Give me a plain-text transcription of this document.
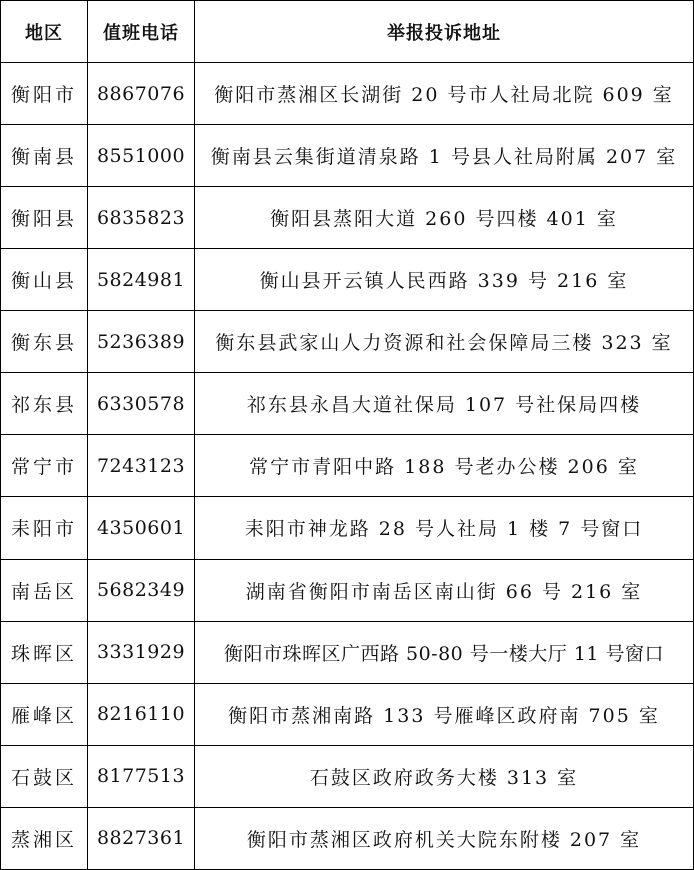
地区	值班电话	举报投诉地址
衡阳市	8867076	衡阳市蒸湘区长湖街 20 号市人社局北院 609 室
衡南县	8551000	衡南县云集街道清泉路 1 号县人社局附属 207 室
衡阳县	6835823	衡阳县蒸阳大道 260 号四楼 401 室
衡山县	5824981	衡山县开云镇人民西路 339 号 216 室
衡东县	5236389	衡东县武家山人力资源和社会保障局三楼 323 室
祁东县	6330578	祁东县永昌大道社保局 107 号社保局四楼
常宁市	7243123	常宁市青阳中路 188 号老办公楼 206 室
耒阳市	4350601	耒阳市神龙路 28 号人社局 1 楼 7 号窗口
南岳区	5682349	湖南省衡阳市南岳区南山街 66 号 216 室
珠晖区	3331929	衡阳市珠晖区广西路 50-80 号一楼大厅 11 号窗口
雁峰区	8216110	衡阳市蒸湘南路 133 号雁峰区政府南 705 室
石鼓区	8177513	石鼓区政府政务大楼 313 室
蒸湘区	8827361	衡阳市蒸湘区政府机关大院东附楼 207 室
